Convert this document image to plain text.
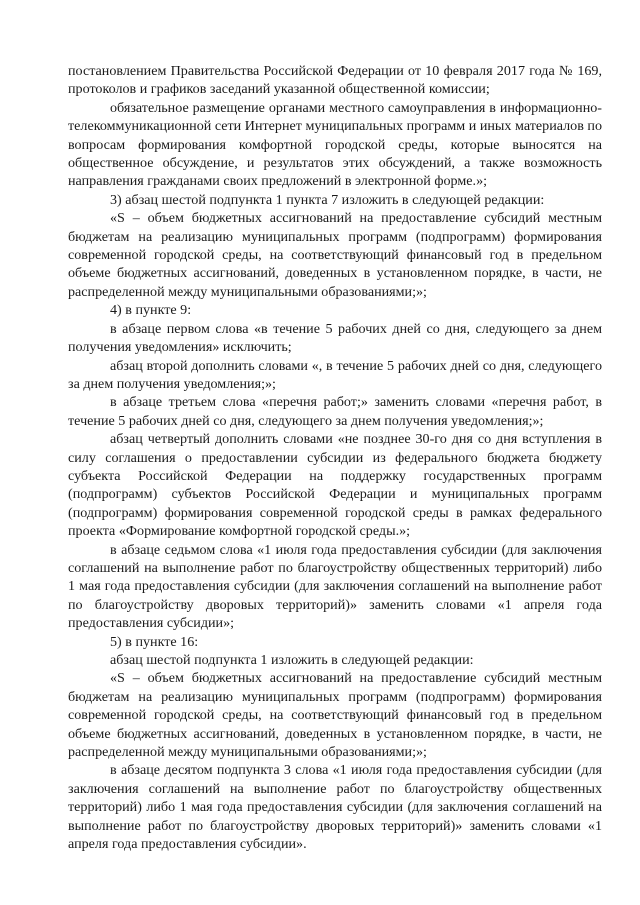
постановлением Правительства Российской Федерации от 10 февраля 2017 года № 169, протоколов и графиков заседаний указанной общественной комиссии;

обязательное размещение органами местного самоуправления в информационно-телекоммуникационной сети Интернет муниципальных программ и иных материалов по вопросам формирования комфортной городской среды, которые выносятся на общественное обсуждение, и результатов этих обсуждений, а также возможность направления гражданами своих предложений в электронной форме.»;

3) абзац шестой подпункта 1 пункта 7 изложить в следующей редакции:

«S – объем бюджетных ассигнований на предоставление субсидий местным бюджетам на реализацию муниципальных программ (подпрограмм) формирования современной городской среды, на соответствующий финансовый год в предельном объеме бюджетных ассигнований, доведенных в установленном порядке, в части, не распределенной между муниципальными образованиями;»;

4) в пункте 9:

в абзаце первом слова «в течение 5 рабочих дней со дня, следующего за днем получения уведомления» исключить;

абзац второй дополнить словами «, в течение 5 рабочих дней со дня, следующего за днем получения уведомления;»;

в абзаце третьем слова «перечня работ;» заменить словами «перечня работ, в течение 5 рабочих дней со дня, следующего за днем получения уведомления;»;

абзац четвертый дополнить словами «не позднее 30-го дня со дня вступления в силу соглашения о предоставлении субсидии из федерального бюджета бюджету субъекта Российской Федерации на поддержку государственных программ (подпрограмм) субъектов Российской Федерации и муниципальных программ (подпрограмм) формирования современной городской среды в рамках федерального проекта «Формирование комфортной городской среды.»;

в абзаце седьмом слова «1 июля года предоставления субсидии (для заключения соглашений на выполнение работ по благоустройству общественных территорий) либо 1 мая года предоставления субсидии (для заключения соглашений на выполнение работ по благоустройству дворовых территорий)» заменить словами «1 апреля года предоставления субсидии»;

5) в пункте 16:

абзац шестой подпункта 1 изложить в следующей редакции:

«S – объем бюджетных ассигнований на предоставление субсидий местным бюджетам на реализацию муниципальных программ (подпрограмм) формирования современной городской среды, на соответствующий финансовый год в предельном объеме бюджетных ассигнований, доведенных в установленном порядке, в части, не распределенной между муниципальными образованиями;»;

в абзаце десятом подпункта 3 слова «1 июля года предоставления субсидии (для заключения соглашений на выполнение работ по благоустройству общественных территорий) либо 1 мая года предоставления субсидии (для заключения соглашений на выполнение работ по благоустройству дворовых территорий)» заменить словами «1 апреля года предоставления субсидии».
